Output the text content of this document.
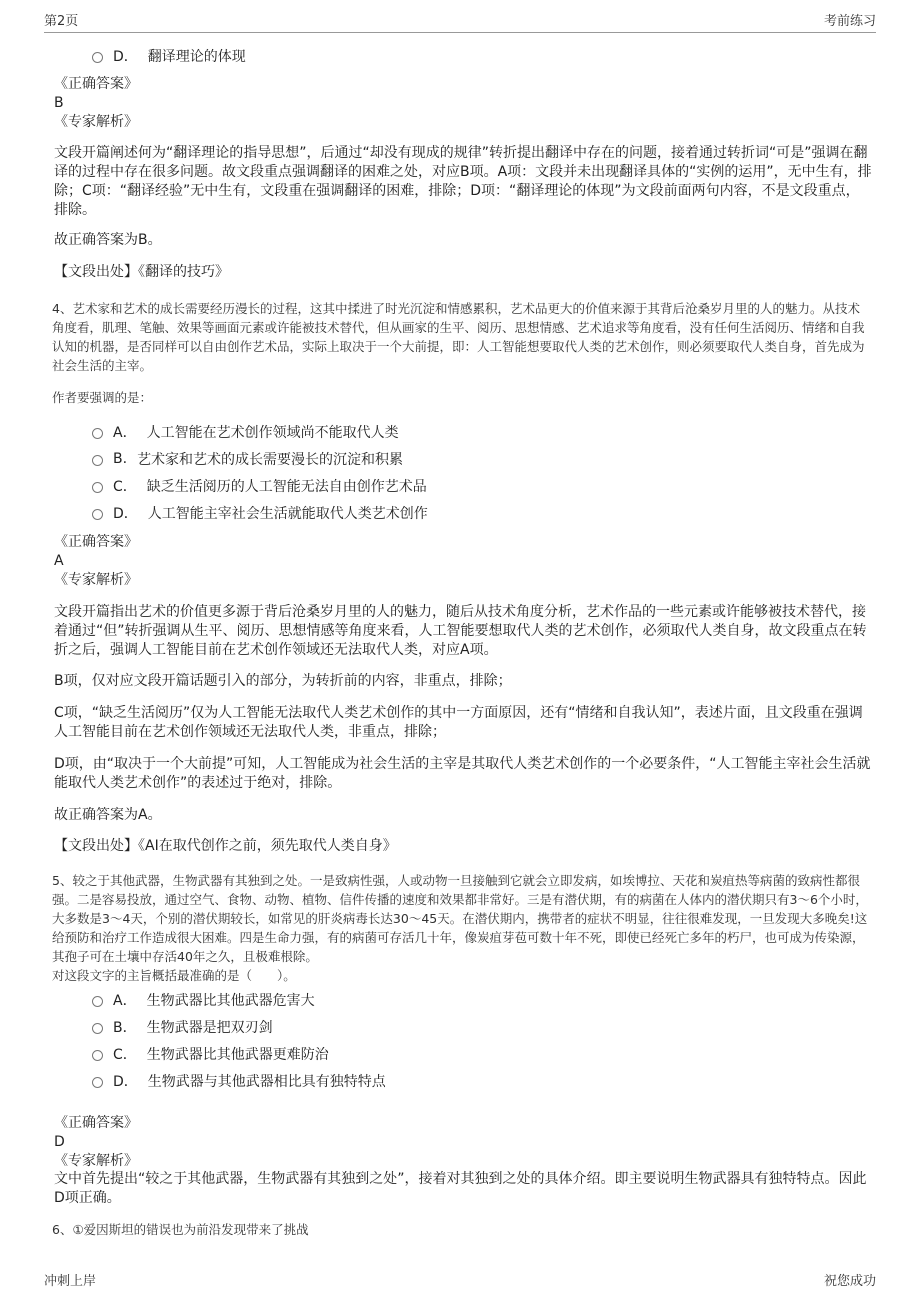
第2页	考前练习
D． 翻译理论的体现
《正确答案》
B
《专家解析》

文段开篇阐述何为“翻译理论的指导思想”，后通过“却没有现成的规律”转折提出翻译中存在的问题，接着通过转折词“可是”强调在翻译的过程中存在很多问题。故文段重点强调翻译的困难之处，对应B项。A项：文段并未出现翻译具体的“实例的运用”，无中生有，排除；C项：“翻译经验”无中生有，文段重在强调翻译的困难，排除；D项：“翻译理论的体现”为文段前面两句内容，不是文段重点，排除。

故正确答案为B。

【文段出处】《翻译的技巧》

4、艺术家和艺术的成长需要经历漫长的过程，这其中揉进了时光沉淀和情感累积，艺术品更大的价值来源于其背后沧桑岁月里的人的魅力。从技术角度看，肌理、笔触、效果等画面元素或许能被技术替代，但从画家的生平、阅历、思想情感、艺术追求等角度看，没有任何生活阅历、情绪和自我认知的机器，是否同样可以自由创作艺术品，实际上取决于一个大前提，即：人工智能想要取代人类的艺术创作，则必须要取代人类自身，首先成为社会生活的主宰。

作者要强调的是：
A． 人工智能在艺术创作领域尚不能取代人类
B. 艺术家和艺术的成长需要漫长的沉淀和积累
C． 缺乏生活阅历的人工智能无法自由创作艺术品
D． 人工智能主宰社会生活就能取代人类艺术创作
《正确答案》
A
《专家解析》

文段开篇指出艺术的价值更多源于背后沧桑岁月里的人的魅力，随后从技术角度分析，艺术作品的一些元素或许能够被技术替代，接着通过“但”转折强调从生平、阅历、思想情感等角度来看，人工智能要想取代人类的艺术创作，必须取代人类自身，故文段重点在转折之后，强调人工智能目前在艺术创作领域还无法取代人类，对应A项。

B项，仅对应文段开篇话题引入的部分，为转折前的内容，非重点，排除；

C项，“缺乏生活阅历”仅为人工智能无法取代人类艺术创作的其中一方面原因，还有“情绪和自我认知”，表述片面，且文段重在强调人工智能目前在艺术创作领域还无法取代人类，非重点，排除；

D项，由“取决于一个大前提”可知，人工智能成为社会生活的主宰是其取代人类艺术创作的一个必要条件，“人工智能主宰社会生活就能取代人类艺术创作”的表述过于绝对，排除。

故正确答案为A。

【文段出处】《AI在取代创作之前，须先取代人类自身》

5、较之于其他武器，生物武器有其独到之处。一是致病性强，人或动物一旦接触到它就会立即发病，如埃博拉、天花和炭疽热等病菌的致病性都很强。二是容易投放，通过空气、食物、动物、植物、信件传播的速度和效果都非常好。三是有潜伏期，有的病菌在人体内的潜伏期只有3～6个小时，大多数是3～4天，个别的潜伏期较长，如常见的肝炎病毒长达30～45天。在潜伏期内，携带者的症状不明显，往往很难发现，一旦发现大多晚矣!这给预防和治疗工作造成很大困难。四是生命力强，有的病菌可存活几十年，像炭疽芽苞可数十年不死，即使已经死亡多年的朽尸，也可成为传染源，其孢子可在土壤中存活40年之久，且极难根除。

对这段文字的主旨概括最准确的是（　　）。
A． 生物武器比其他武器危害大
B． 生物武器是把双刃剑
C． 生物武器比其他武器更难防治
D． 生物武器与其他武器相比具有独特特点
《正确答案》
D
《专家解析》

文中首先提出“较之于其他武器，生物武器有其独到之处”，接着对其独到之处的具体介绍。即主要说明生物武器具有独特特点。因此D项正确。

6、①爱因斯坦的错误也为前沿发现带来了挑战
冲刺上岸	祝您成功
